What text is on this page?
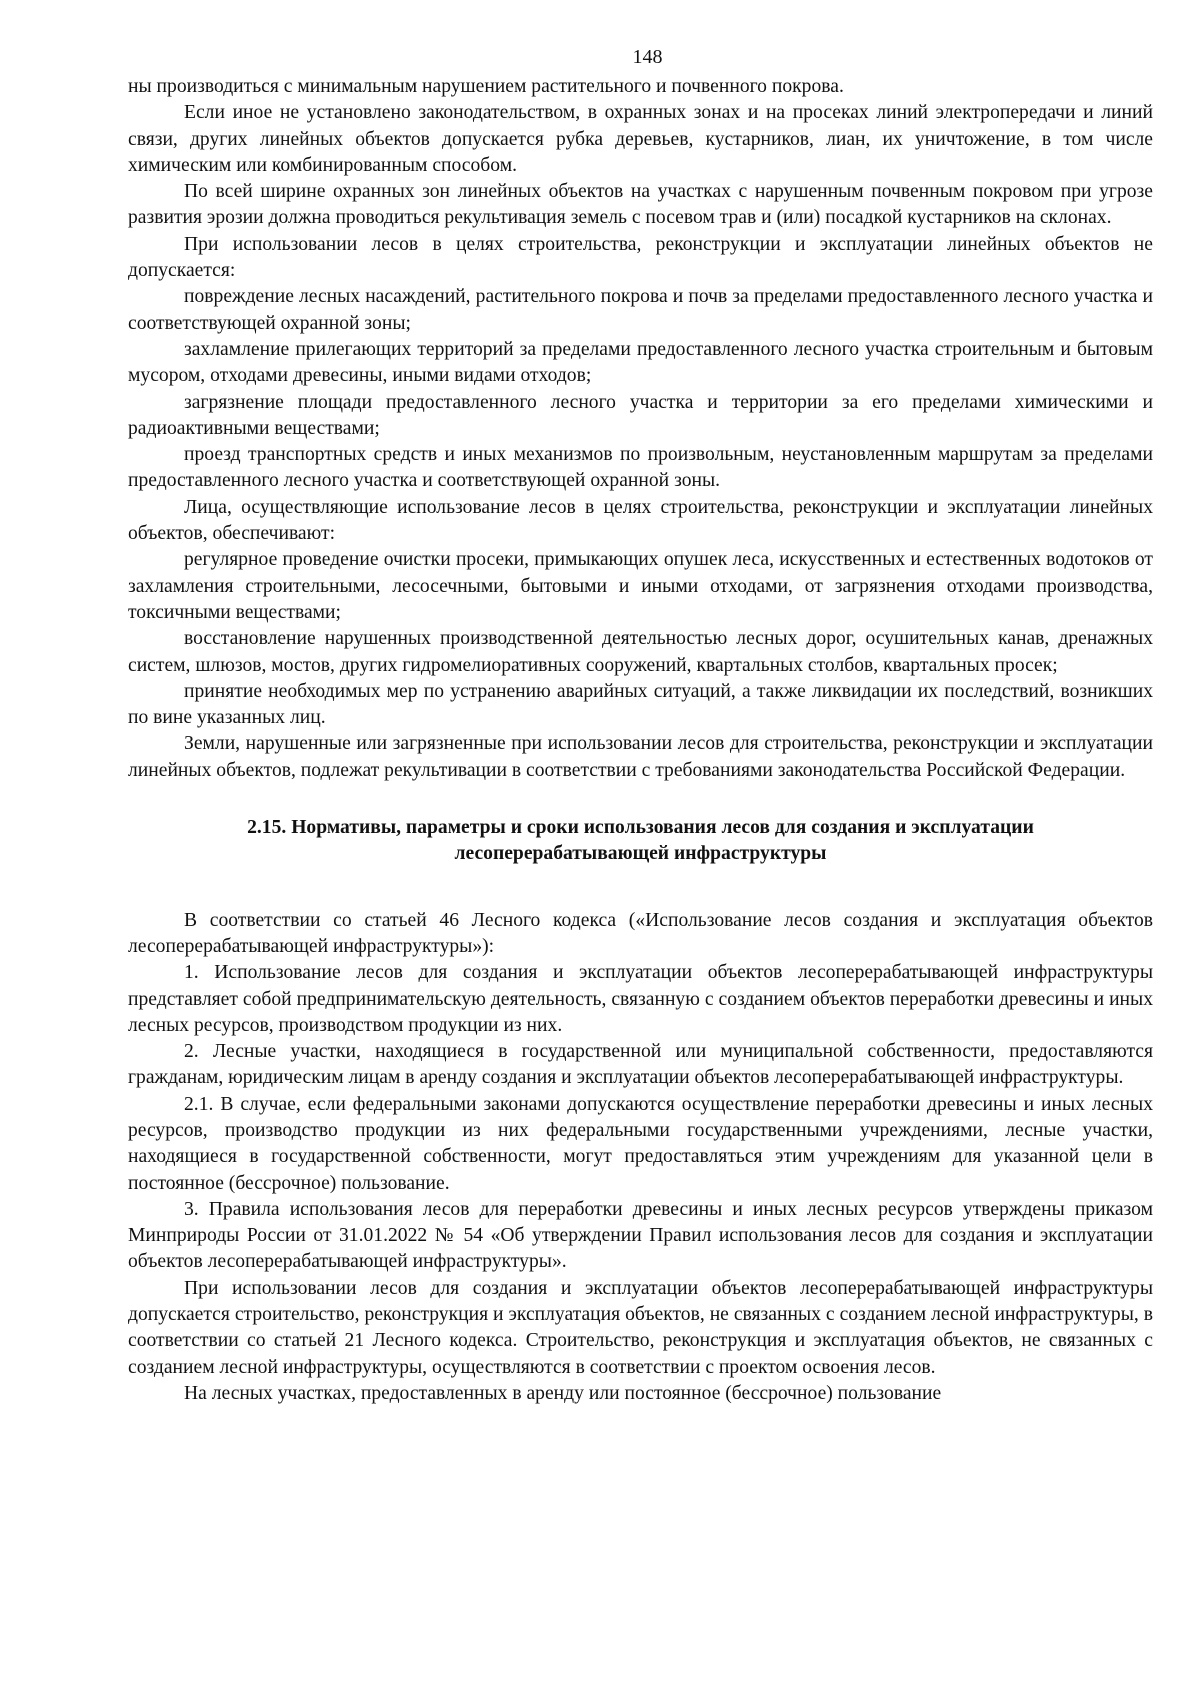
148

ны производиться с минимальным нарушением растительного и почвенного покрова.

Если иное не установлено законодательством, в охранных зонах и на просеках линий электропередачи и линий связи, других линейных объектов допускается рубка деревьев, кустарников, лиан, их уничтожение, в том числе химическим или комбинированным способом.

По всей ширине охранных зон линейных объектов на участках с нарушенным почвенным покровом при угрозе развития эрозии должна проводиться рекультивация земель с посевом трав и (или) посадкой кустарников на склонах.

При использовании лесов в целях строительства, реконструкции и эксплуатации линейных объектов не допускается:

повреждение лесных насаждений, растительного покрова и почв за пределами предоставленного лесного участка и соответствующей охранной зоны;

захламление прилегающих территорий за пределами предоставленного лесного участка строительным и бытовым мусором, отходами древесины, иными видами отходов;

загрязнение площади предоставленного лесного участка и территории за его пределами химическими и радиоактивными веществами;

проезд транспортных средств и иных механизмов по произвольным, неустановленным маршрутам за пределами предоставленного лесного участка и соответствующей охранной зоны.

Лица, осуществляющие использование лесов в целях строительства, реконструкции и эксплуатации линейных объектов, обеспечивают:

регулярное проведение очистки просеки, примыкающих опушек леса, искусственных и естественных водотоков от захламления строительными, лесосечными, бытовыми и иными отходами, от загрязнения отходами производства, токсичными веществами;

восстановление нарушенных производственной деятельностью лесных дорог, осушительных канав, дренажных систем, шлюзов, мостов, других гидромелиоративных сооружений, квартальных столбов, квартальных просек;

принятие необходимых мер по устранению аварийных ситуаций, а также ликвидации их последствий, возникших по вине указанных лиц.

Земли, нарушенные или загрязненные при использовании лесов для строительства, реконструкции и эксплуатации линейных объектов, подлежат рекультивации в соответствии с требованиями законодательства Российской Федерации.

2.15. Нормативы, параметры и сроки использования лесов для создания и эксплуатации лесоперерабатывающей инфраструктуры

В соответствии со статьей 46 Лесного кодекса («Использование лесов создания и эксплуатация объектов лесоперерабатывающей инфраструктуры»):

1. Использование лесов для создания и эксплуатации объектов лесоперерабатывающей инфраструктуры представляет собой предпринимательскую деятельность, связанную с созданием объектов переработки древесины и иных лесных ресурсов, производством продукции из них.

2. Лесные участки, находящиеся в государственной или муниципальной собственности, предоставляются гражданам, юридическим лицам в аренду создания и эксплуатации объектов лесоперерабатывающей инфраструктуры.

2.1. В случае, если федеральными законами допускаются осуществление переработки древесины и иных лесных ресурсов, производство продукции из них федеральными государственными учреждениями, лесные участки, находящиеся в государственной собственности, могут предоставляться этим учреждениям для указанной цели в постоянное (бессрочное) пользование.

3. Правила использования лесов для переработки древесины и иных лесных ресурсов утверждены приказом Минприроды России от 31.01.2022 № 54 «Об утверждении Правил использования лесов для создания и эксплуатации объектов лесоперерабатывающей инфраструктуры».

При использовании лесов для создания и эксплуатации объектов лесоперерабатывающей инфраструктуры допускается строительство, реконструкция и эксплуатация объектов, не связанных с созданием лесной инфраструктуры, в соответствии со статьей 21 Лесного кодекса. Строительство, реконструкция и эксплуатация объектов, не связанных с созданием лесной инфраструктуры, осуществляются в соответствии с проектом освоения лесов.

На лесных участках, предоставленных в аренду или постоянное (бессрочное) пользование
